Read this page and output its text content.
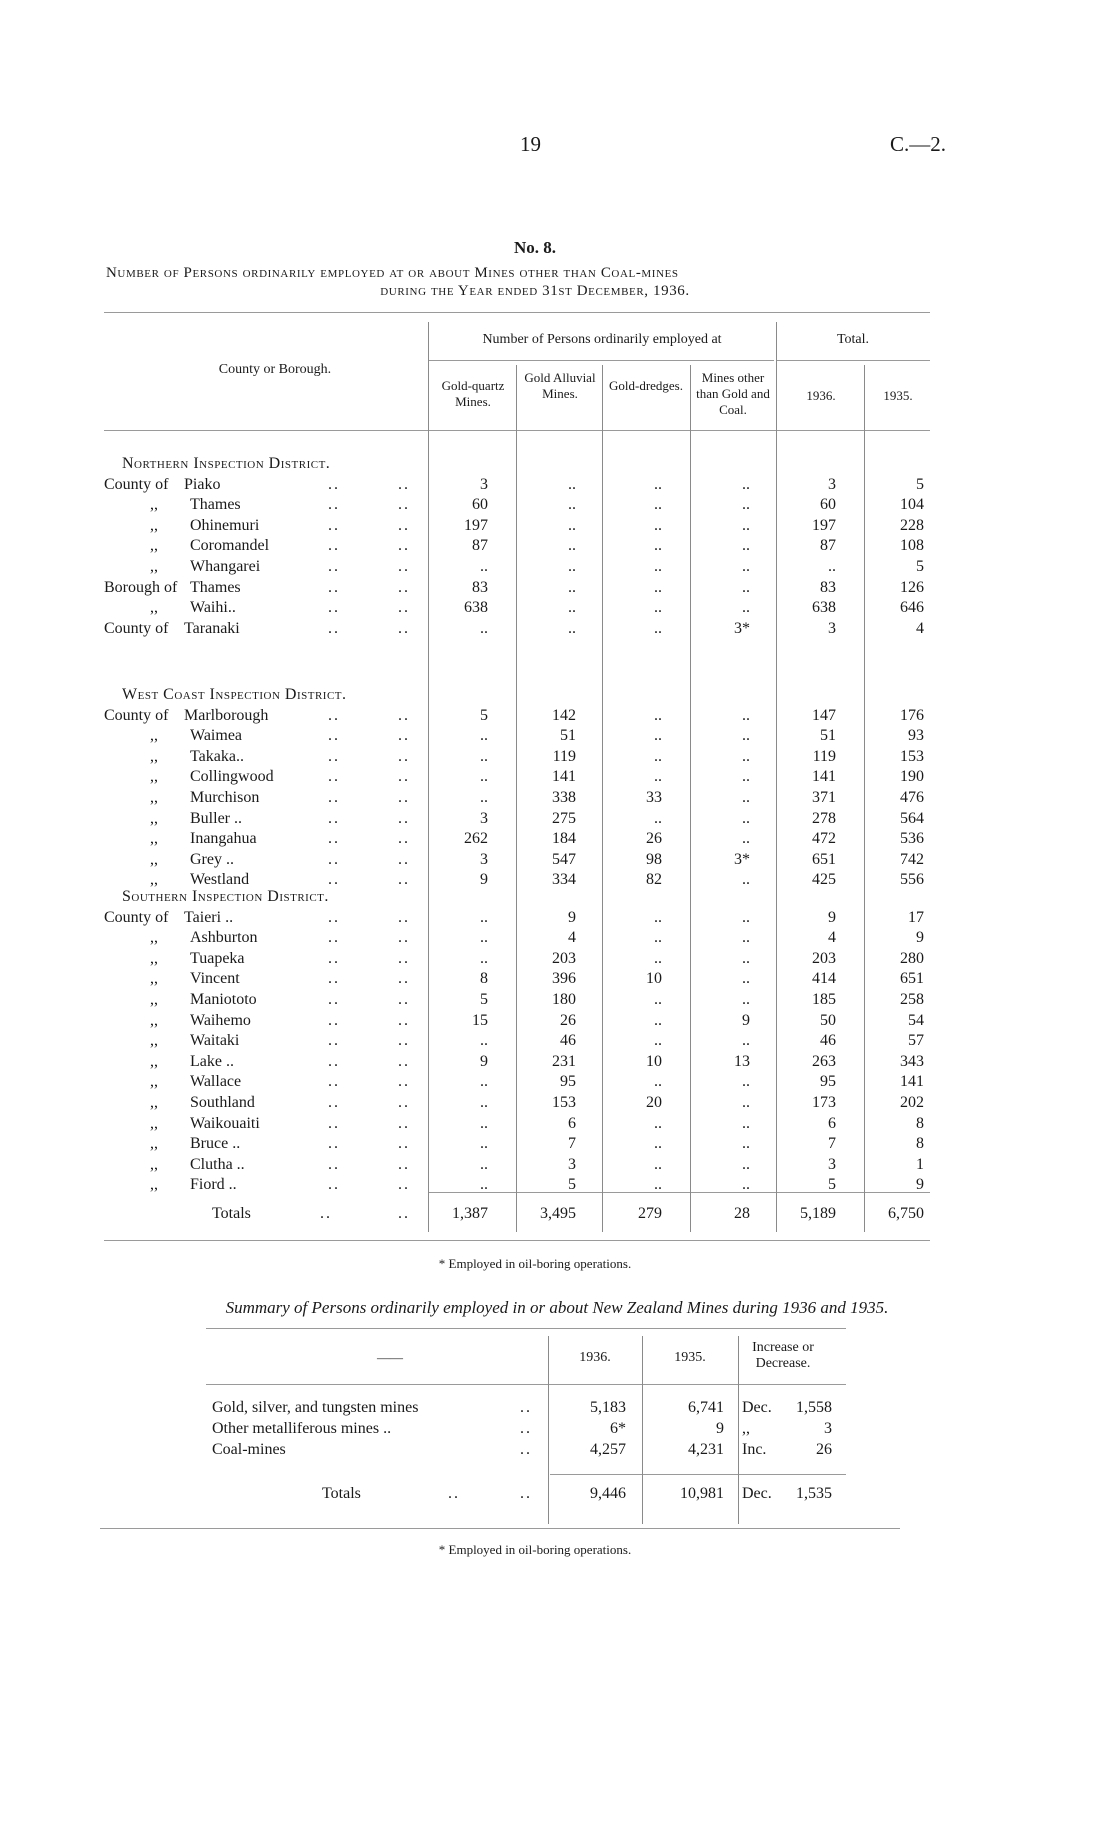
19	C.—2.
No. 8.
Number of Persons ordinarily employed at or about Mines other than Coal-mines
during the Year ended 31st December, 1936.
County or Borough.
Number of Persons ordinarily employed at	Total.
Gold-quartz Mines.
Gold Alluvial Mines.
Gold-dredges.
Mines other than Gold and Coal.
1936.	1935.
Northern Inspection District.
County of Piako	..	..	3	..	..	..	3	5
,, Thames	..	..	60	..	..	..	60	104
,, Ohinemuri	..	..	197	..	..	..	197	228
,, Coromandel	..	..	87	..	..	..	87	108
,, Whangarei	..	..	..	..	..	..	..	5
Borough of Thames	..	..	83	..	..	..	83	126
,, Waihi..	..	..	638	..	..	..	638	646
County of Taranaki	..	..	..	..	..	3*	3	4
West Coast Inspection District.
County of Marlborough	..	..	5	142	..	..	147	176
,, Waimea	..	..	..	51	..	..	51	93
,, Takaka..	..	..	..	119	..	..	119	153
,, Collingwood	..	..	..	141	..	..	141	190
,, Murchison	..	..	..	338	33	..	371	476
,, Buller ..	..	..	3	275	..	..	278	564
,, Inangahua	..	..	262	184	26	..	472	536
,, Grey ..	..	..	3	547	98	3*	651	742
,, Westland	..	..	9	334	82	..	425	556
Southern Inspection District.
County of Taieri ..	..	..	..	9	..	..	9	17
,, Ashburton	..	..	..	4	..	..	4	9
,, Tuapeka	..	..	..	203	..	..	203	280
,, Vincent	..	..	8	396	10	..	414	651
,, Maniototo	..	..	5	180	..	..	185	258
,, Waihemo	..	..	15	26	..	9	50	54
,, Waitaki	..	..	..	46	..	..	46	57
,, Lake ..	..	..	9	231	10	13	263	343
,, Wallace	..	..	..	95	..	..	95	141
,, Southland	..	..	..	153	20	..	173	202
,, Waikouaiti	..	..	..	6	..	..	6	8
,, Bruce ..	..	..	..	7	..	..	7	8
,, Clutha ..	..	..	..	3	..	..	3	1
,, Fiord ..	..	..	..	5	..	..	5	9
Totals	..	..	1,387	3,495	279	28	5,189	6,750
* Employed in oil-boring operations.
Summary of Persons ordinarily employed in or about New Zealand Mines during 1936 and 1935.
——	1936.	1935.
Increase or Decrease.
Gold, silver, and tungsten mines	5,183	6,741 Dec.	1,558
..
Other metalliferous mines ..	6*	9 ,,	3
..
Coal-mines	4,257	4,231 Inc.	26
..
Totals	..	..	9,446	10,981 Dec.	1,535
* Employed in oil-boring operations.
